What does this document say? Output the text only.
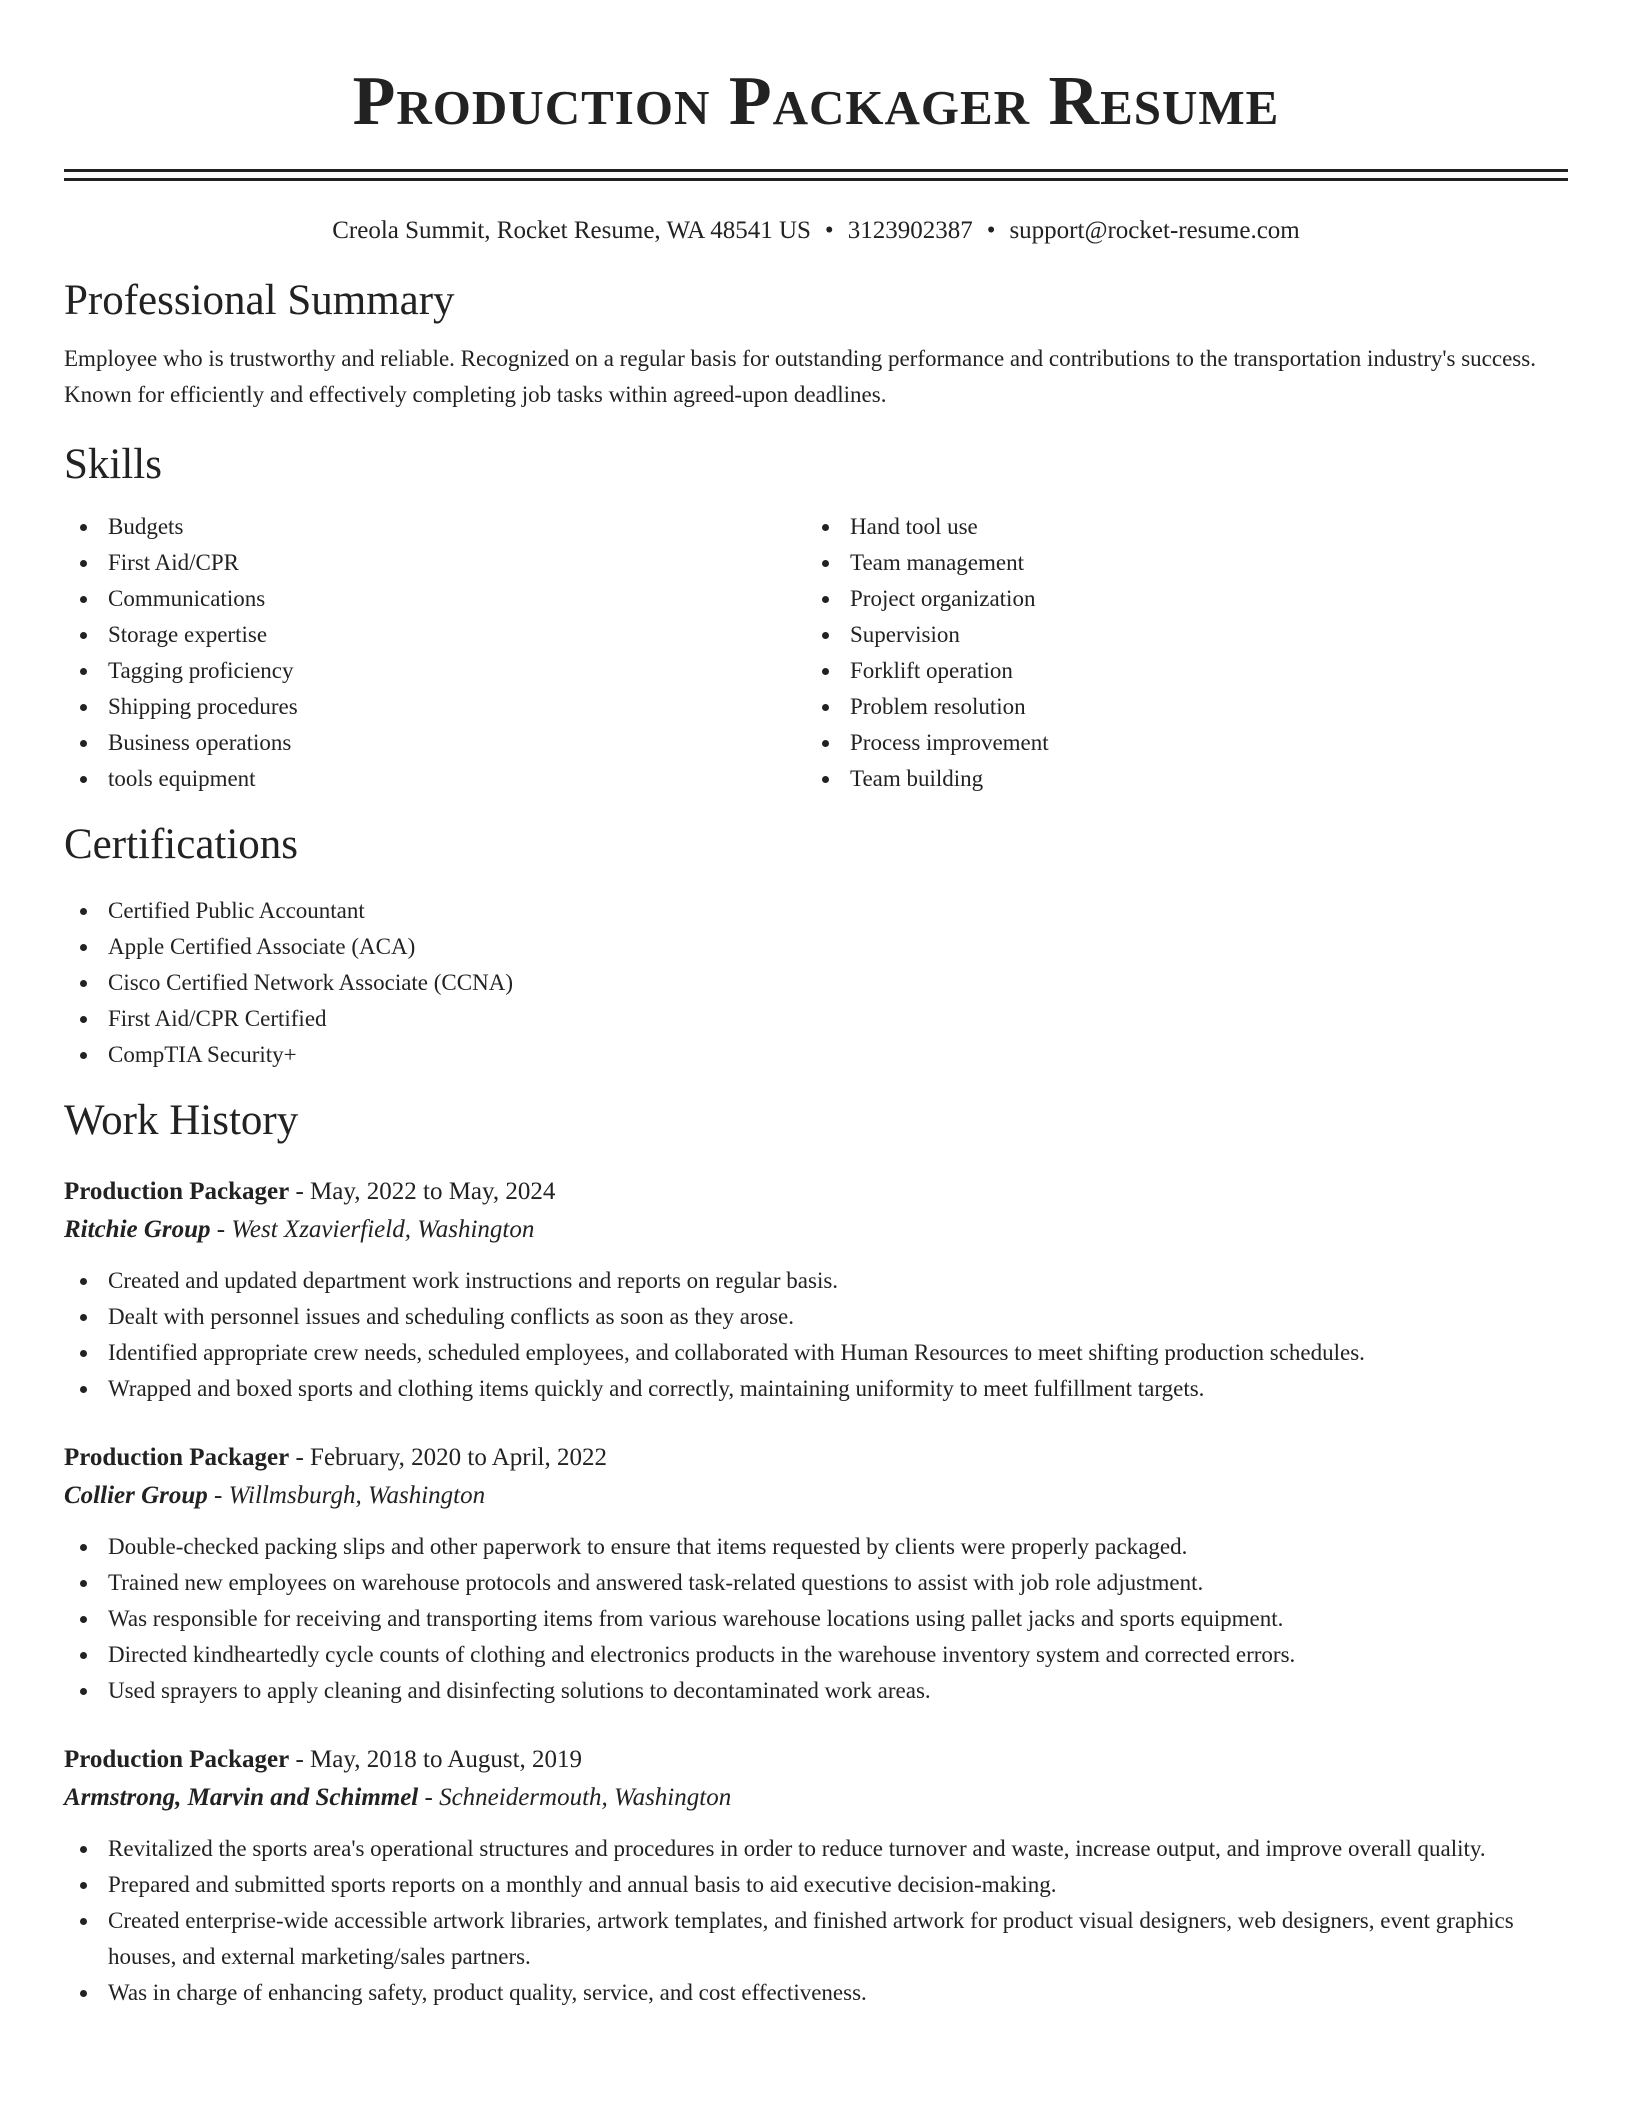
Production Packager Resume
Creola Summit, Rocket Resume, WA 48541 US • 3123902387 • support@rocket-resume.com
Professional Summary

Employee who is trustworthy and reliable. Recognized on a regular basis for outstanding performance and contributions to the transportation industry's success. Known for efficiently and effectively completing job tasks within agreed-upon deadlines.

Skills
Budgets
First Aid/CPR
Communications
Storage expertise
Tagging proficiency
Shipping procedures
Business operations
tools equipment
Hand tool use
Team management
Project organization
Supervision
Forklift operation
Problem resolution
Process improvement
Team building
Certifications
Certified Public Accountant
Apple Certified Associate (ACA)
Cisco Certified Network Associate (CCNA)
First Aid/CPR Certified
CompTIA Security+
Work History
Production Packager - May, 2022 to May, 2024
Ritchie Group - West Xzavierfield, Washington
Created and updated department work instructions and reports on regular basis.
Dealt with personnel issues and scheduling conflicts as soon as they arose.
Identified appropriate crew needs, scheduled employees, and collaborated with Human Resources to meet shifting production schedules.
Wrapped and boxed sports and clothing items quickly and correctly, maintaining uniformity to meet fulfillment targets.
Production Packager - February, 2020 to April, 2022
Collier Group - Willmsburgh, Washington
Double-checked packing slips and other paperwork to ensure that items requested by clients were properly packaged.
Trained new employees on warehouse protocols and answered task-related questions to assist with job role adjustment.
Was responsible for receiving and transporting items from various warehouse locations using pallet jacks and sports equipment.
Directed kindheartedly cycle counts of clothing and electronics products in the warehouse inventory system and corrected errors.
Used sprayers to apply cleaning and disinfecting solutions to decontaminated work areas.
Production Packager - May, 2018 to August, 2019
Armstrong, Marvin and Schimmel - Schneidermouth, Washington
Revitalized the sports area's operational structures and procedures in order to reduce turnover and waste, increase output, and improve overall quality.
Prepared and submitted sports reports on a monthly and annual basis to aid executive decision-making.
Created enterprise-wide accessible artwork libraries, artwork templates, and finished artwork for product visual designers, web designers, event graphics houses, and external marketing/sales partners.
Was in charge of enhancing safety, product quality, service, and cost effectiveness.
